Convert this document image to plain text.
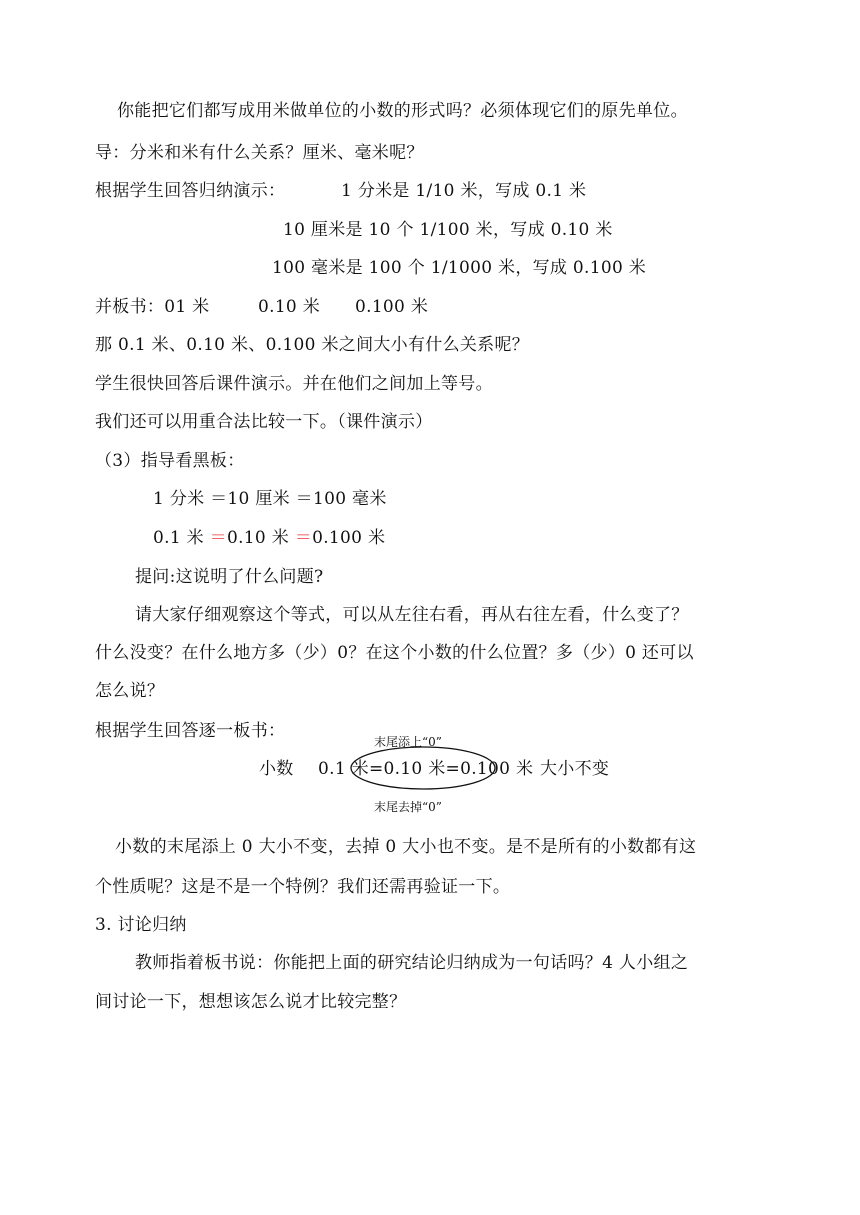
你能把它们都写成用米做单位的小数的形式吗？必须体现它们的原先单位。
导：分米和米有什么关系？厘米、毫米呢？
根据学生回答归纳演示：	1 分米是 1/10 米，写成 0.1 米
10 厘米是 10 个 1/100 米，写成 0.10 米
100 毫米是 100 个 1/1000 米，写成 0.100 米
并板书：01 米	0.10 米 0.100 米
那 0.1 米、0.10 米、0.100 米之间大小有什么关系呢？
学生很快回答后课件演示。并在他们之间加上等号。
我们还可以用重合法比较一下。（课件演示）
（3）指导看黑板：
1 分米 ＝10 厘米 ＝100 毫米
0.1 米 ＝0.10 米 ＝0.100 米
提问:这说明了什么问题?
请大家仔细观察这个等式，可以从左往右看，再从右往左看，什么变了？
什么没变？在什么地方多（少）0？在这个小数的什么位置？多（少）0 还可以
怎么说？
根据学生回答逐一板书：
末尾添上“0”
小数 0.1 米=0.10 米=0.100 米 大小不变
末尾去掉“0”
小数的末尾添上 0 大小不变，去掉 0 大小也不变。是不是所有的小数都有这
个性质呢？这是不是一个特例？我们还需再验证一下。
3. 讨论归纳
教师指着板书说：你能把上面的研究结论归纳成为一句话吗？4 人小组之
间讨论一下，想想该怎么说才比较完整？
